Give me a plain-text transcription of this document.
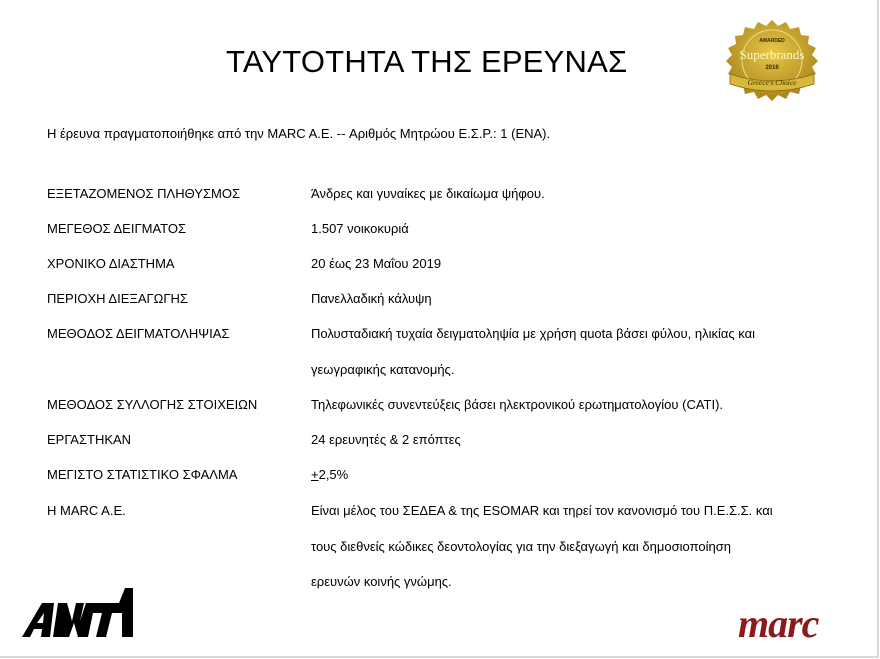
ΤΑΥΤΟΤΗΤΑ ΤΗΣ ΕΡΕΥΝΑΣ
AWARDED
Superbrands
2016
Greece's Choice
Η έρευνα πραγματοποιήθηκε από την MARC A.E. -- Αριθμός Μητρώου Ε.Σ.Ρ.: 1 (ΕΝΑ).
ΕΞΕΤΑΖΟΜΕΝΟΣ ΠΛΗΘΥΣΜΟΣ	Άνδρες και γυναίκες με δικαίωμα ψήφου.
ΜΕΓΕΘΟΣ ΔΕΙΓΜΑΤΟΣ	1.507 νοικοκυριά
ΧΡΟΝΙΚΟ ΔΙΑΣΤΗΜΑ	20 έως 23 Μαΐου 2019
ΠΕΡΙΟΧΗ ΔΙΕΞΑΓΩΓΗΣ	Πανελλαδική κάλυψη
ΜΕΘΟΔΟΣ ΔΕΙΓΜΑΤΟΛΗΨΙΑΣ	Πολυσταδιακή τυχαία δειγματοληψία με χρήση quota βάσει φύλου, ηλικίας και
γεωγραφικής κατανομής.
ΜΕΘΟΔΟΣ ΣΥΛΛΟΓΗΣ ΣΤΟΙΧΕΙΩΝ	Τηλεφωνικές συνεντεύξεις βάσει ηλεκτρονικού ερωτηματολογίου (CATI).
ΕΡΓΑΣΤΗΚΑΝ	24 ερευνητές & 2 επόπτες
ΜΕΓΙΣΤΟ ΣΤΑΤΙΣΤΙΚΟ ΣΦΑΛΜΑ	+2,5%
Η MARC A.E.	Είναι μέλος του ΣΕΔΕΑ & της ESOMAR και τηρεί τον κανονισμό του Π.Ε.Σ.Σ. και
τους διεθνείς κώδικες δεοντολογίας για την διεξαγωγή και δημοσιοποίηση
ερευνών κοινής γνώμης.
marc
